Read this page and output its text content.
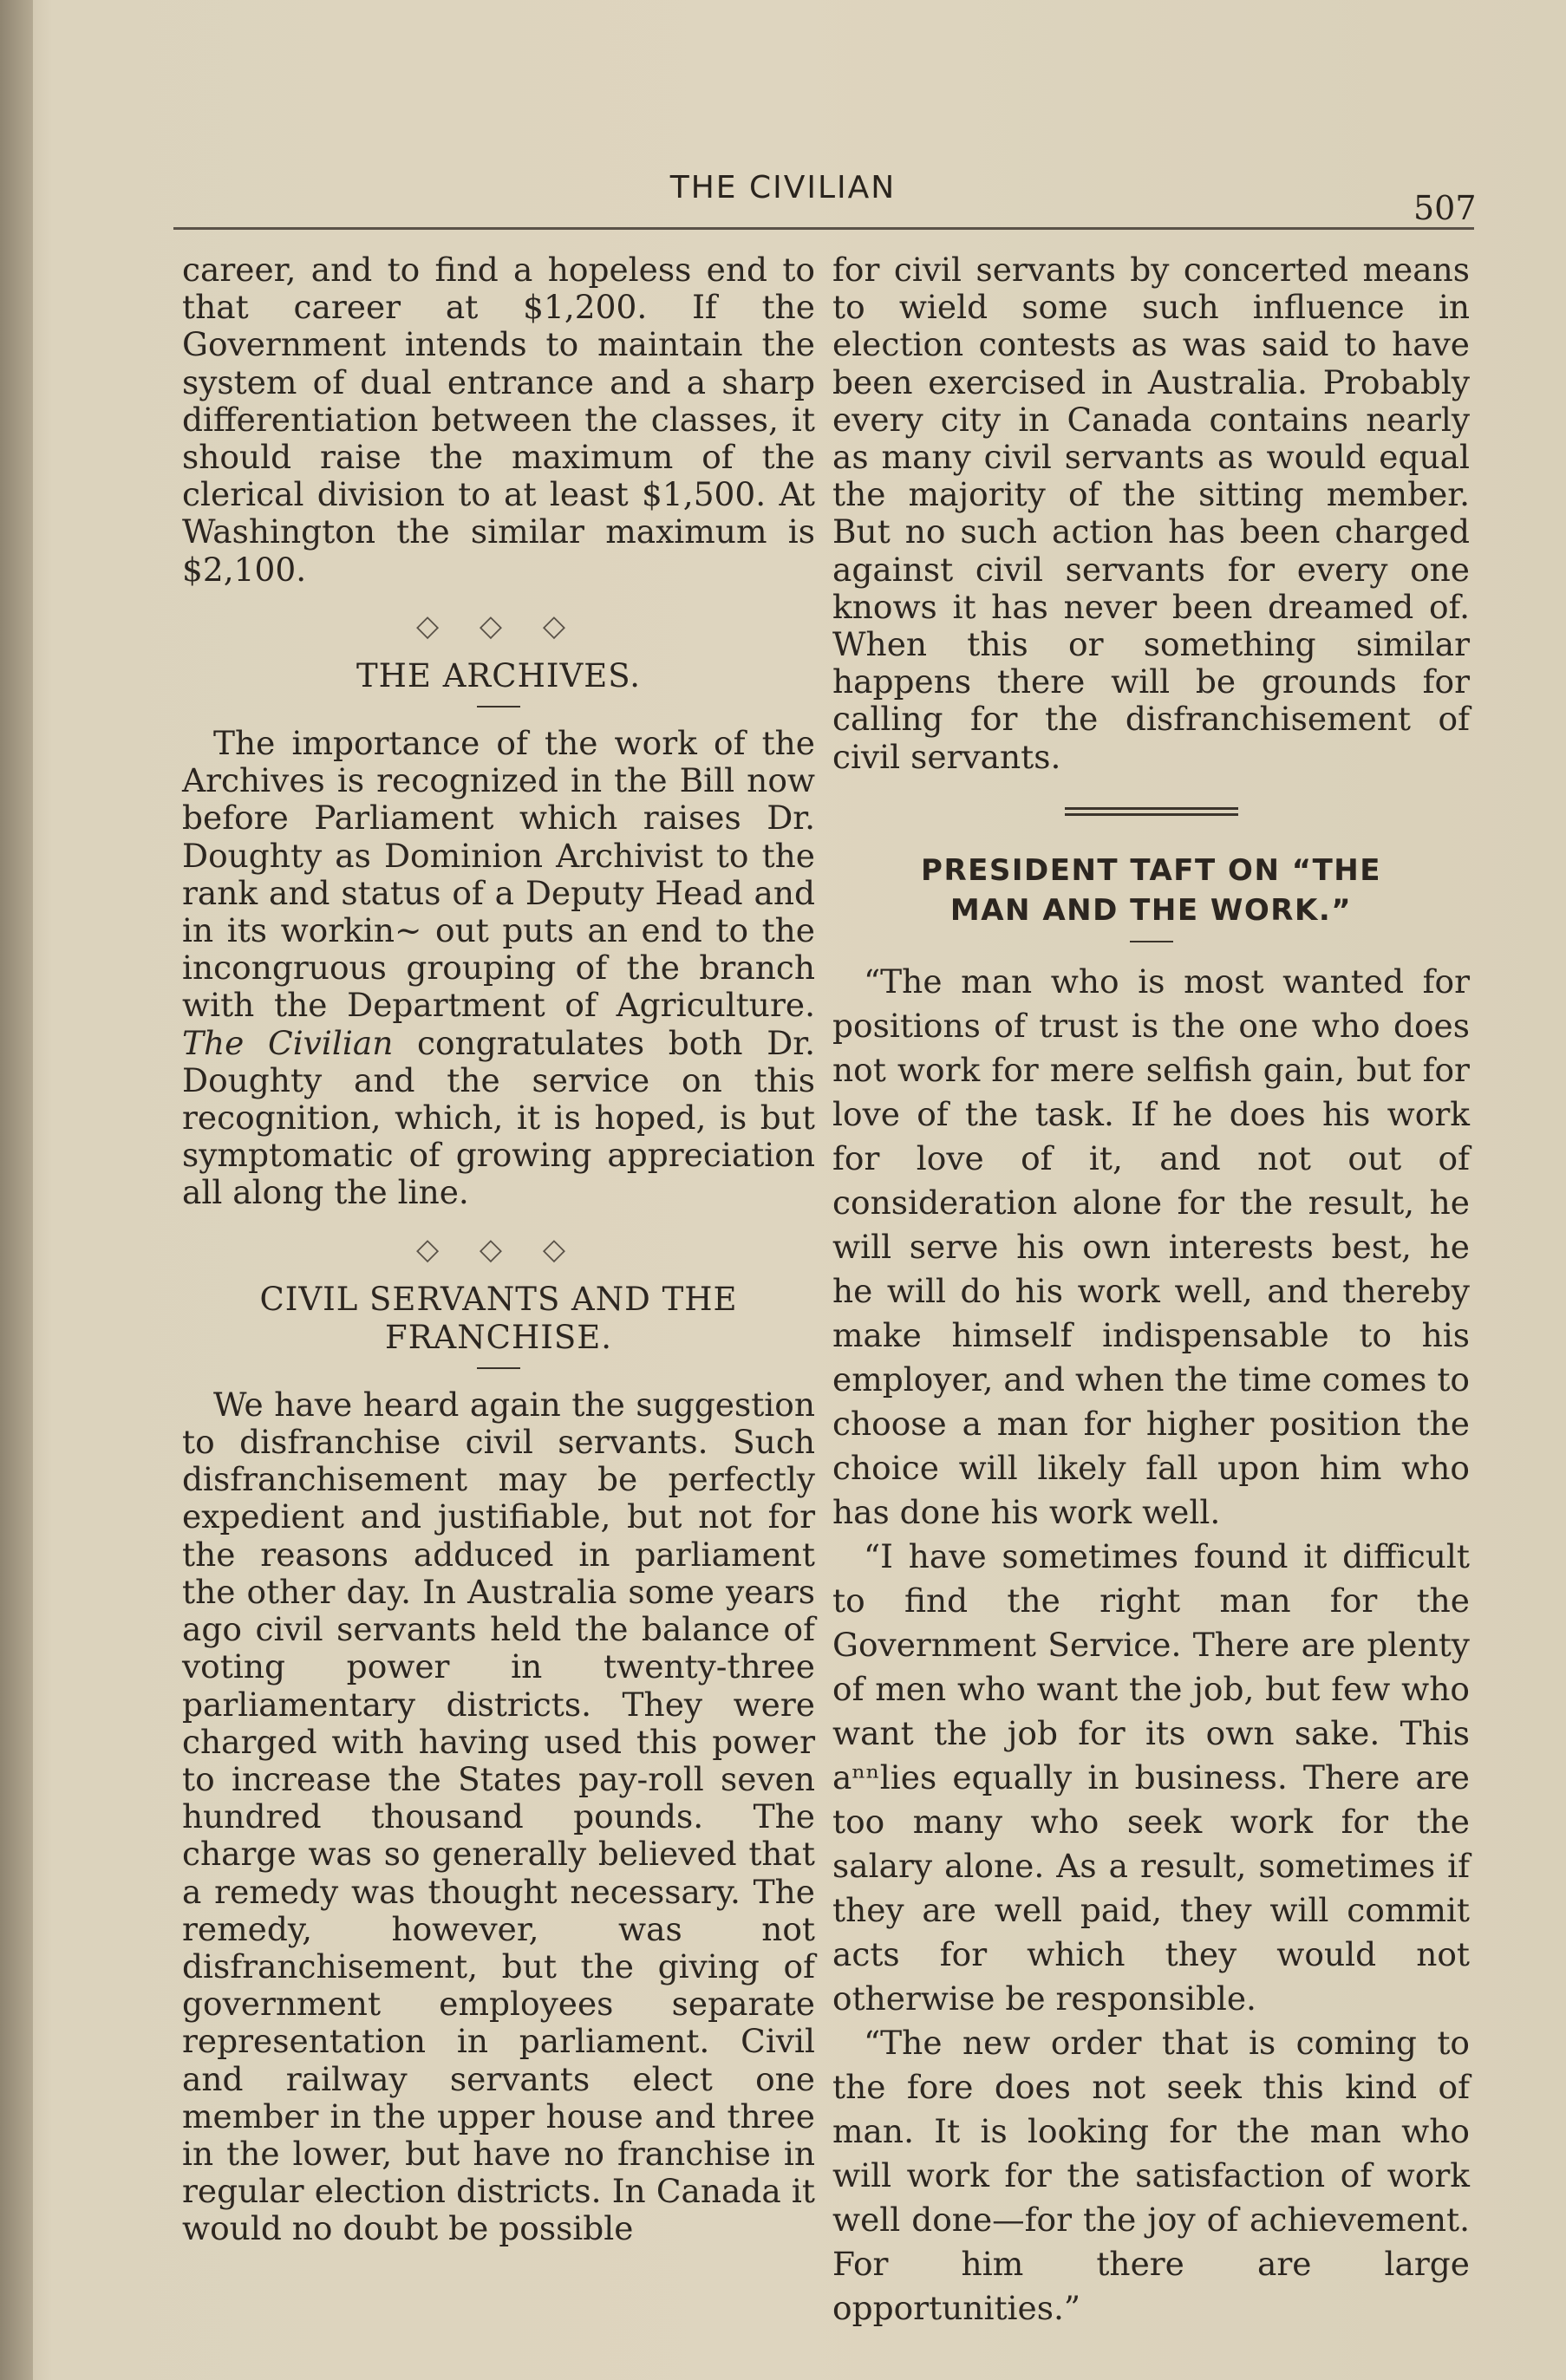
THE CIVILIAN
507

career, and to find a hopeless end to that career at $1,200. If the Government intends to maintain the system of dual entrance and a sharp differentiation between the classes, it should raise the maximum of the clerical division to at least $1,500. At Washington the similar maximum is $2,100.

◇ ◇ ◇
THE ARCHIVES.

The importance of the work of the Archives is recognized in the Bill now before Parliament which raises Dr. Doughty as Dominion Archivist to the rank and status of a Deputy Head and in its workin~ out puts an end to the incongruous grouping of the branch with the Department of Agriculture. The Civilian congratulates both Dr. Doughty and the service on this recognition, which, it is hoped, is but symptomatic of growing appreciation all along the line.

◇ ◇ ◇
CIVIL SERVANTS AND THE
FRANCHISE.

We have heard again the suggestion to disfranchise civil servants. Such disfranchisement may be perfectly expedient and justifiable, but not for the reasons adduced in parliament the other day. In Australia some years ago civil servants held the balance of voting power in twenty-three parliamentary districts. They were charged with having used this power to increase the States pay-roll seven hundred thousand pounds. The charge was so generally believed that a remedy was thought necessary. The remedy, however, was not disfranchisement, but the giving of government employees separate representation in parliament. Civil and railway servants elect one member in the upper house and three in the lower, but have no franchise in regular election districts. In Canada it would no doubt be possible

for civil servants by concerted means to wield some such influence in election contests as was said to have been exercised in Australia. Probably every city in Canada contains nearly as many civil servants as would equal the majority of the sitting member. But no such action has been charged against civil servants for every one knows it has never been dreamed of. When this or something similar happens there will be grounds for calling for the disfranchisement of civil servants.

PRESIDENT TAFT ON “THE
MAN AND THE WORK.”

“The man who is most wanted for positions of trust is the one who does not work for mere selfish gain, but for love of the task. If he does his work for love of it, and not out of consideration alone for the result, he will serve his own interests best, he he will do his work well, and thereby make himself indispensable to his employer, and when the time comes to choose a man for higher position the choice will likely fall upon him who has done his work well.

“I have sometimes found it difficult to find the right man for the Government Service. There are plenty of men who want the job, but few who want the job for its own sake. This aⁿⁿlies equally in business. There are too many who seek work for the salary alone. As a result, sometimes if they are well paid, they will commit acts for which they would not otherwise be responsible.

“The new order that is coming to the fore does not seek this kind of man. It is looking for the man who will work for the satisfaction of work well done—for the joy of achievement. For him there are large opportunities.”
